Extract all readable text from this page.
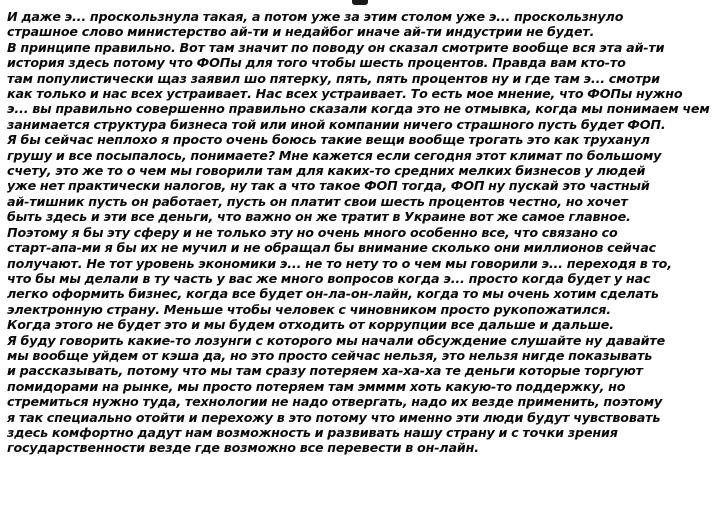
И даже э... проскользнула такая, а потом уже за этим столом уже э... проскользнуло
страшное слово министерство ай-ти и недайбог иначе ай-ти индустрии не будет.
В принципе правильно. Вот там значит по поводу он сказал смотрите вообще вся эта ай-ти
история здесь потому что ФОПы для того чтобы шесть процентов. Правда вам кто-то
там популистически щаз заявил шо пятерку, пять, пять процентов ну и где там э... смотри
как только и нас всех устраивает. Нас всех устраивает. То есть мое мнение, что ФОПы нужно
э... вы правильно совершенно правильно сказали когда это не отмывка, когда мы понимаем чем
занимается структура бизнеса той или иной компании ничего страшного пусть будет ФОП.
Я бы сейчас неплохо я просто очень боюсь такие вещи вообще трогать это как труханул
грушу и все посыпалось, понимаете? Мне кажется если сегодня этот климат по большому
счету, это же то о чем мы говорили там для каких-то средних мелких бизнесов у людей
уже нет практически налогов, ну так а что такое ФОП тогда, ФОП ну пускай это частный
ай-тишник пусть он работает, пусть он платит свои шесть процентов честно, но хочет
быть здесь и эти все деньги, что важно он же тратит в Украине вот же самое главное.
Поэтому я бы эту сферу и не только эту но очень много особенно все, что связано со
старт-апа-ми я бы их не мучил и не обращал бы внимание сколько они миллионов сейчас
получают. Не тот уровень экономики э... не то нету то о чем мы говорили э... переходя в то,
что бы мы делали в ту часть у вас же много вопросов когда э... просто когда будет у нас
легко оформить бизнес, когда все будет он-ла-он-лайн, когда то мы очень хотим сделать
электронную страну. Меньше чтобы человек с чиновником просто рукопожатился.
Когда этого не будет это и мы будем отходить от коррупции все дальше и дальше.
Я буду говорить какие-то лозунги с которого мы начали обсуждение слушайте ну давайте
мы вообще уйдем от кэша да, но это просто сейчас нельзя, это нельзя нигде показывать
и рассказывать, потому что мы там сразу потеряем ха-ха-ха те деньги которые торгуют
помидорами на рынке, мы просто потеряем там эмммм хоть какую-то поддержку, но
стремиться нужно туда, технологии не надо отвергать, надо их везде применить, поэтому
я так специально отойти и перехожу в это потому что именно эти люди будут чувствовать
здесь комфортно дадут нам возможность и развивать нашу страну и с точки зрения
государственности везде где возможно все перевести в он-лайн.
